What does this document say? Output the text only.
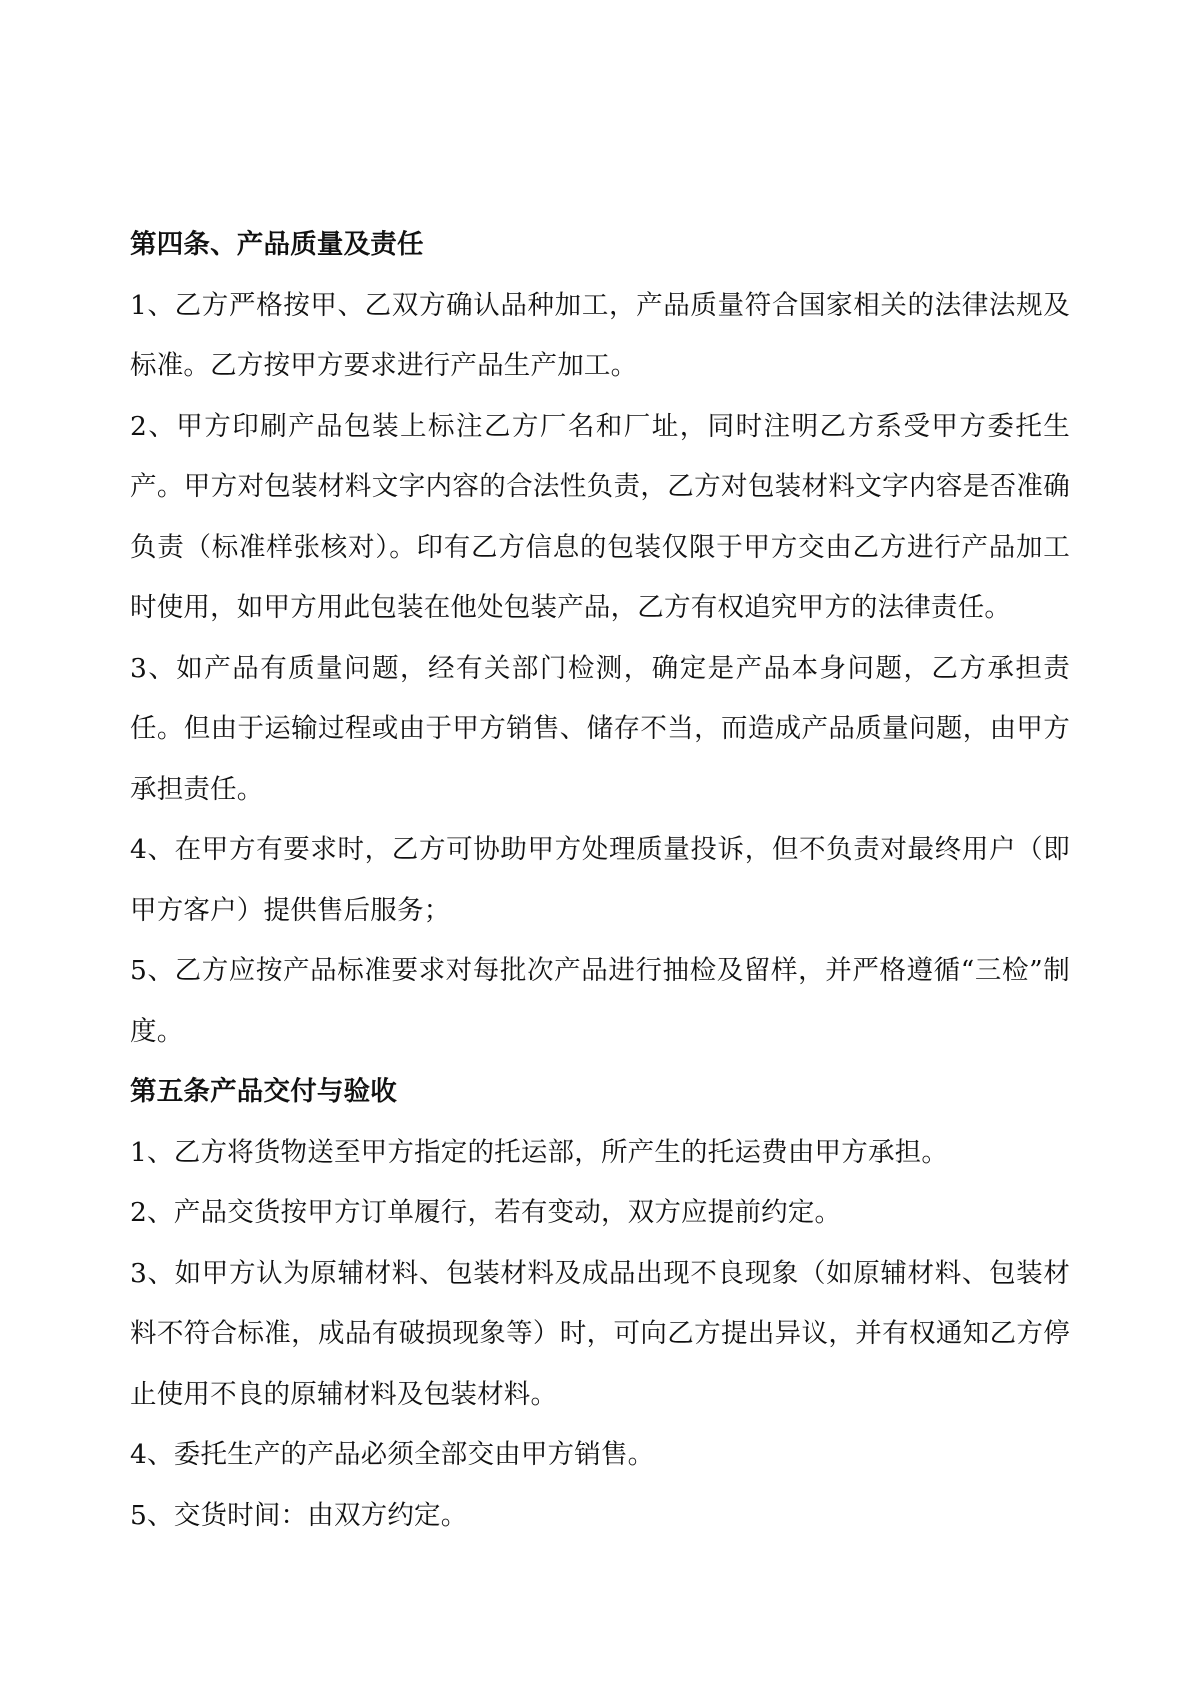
第四条、产品质量及责任
1、乙方严格按甲、乙双方确认品种加工，产品质量符合国家相关的法律法规及标准。乙方按甲方要求进行产品生产加工。
2、甲方印刷产品包装上标注乙方厂名和厂址，同时注明乙方系受甲方委托生产。甲方对包装材料文字内容的合法性负责，乙方对包装材料文字内容是否准确负责（标准样张核对）。印有乙方信息的包装仅限于甲方交由乙方进行产品加工时使用，如甲方用此包装在他处包装产品，乙方有权追究甲方的法律责任。
3、如产品有质量问题，经有关部门检测，确定是产品本身问题，乙方承担责任。但由于运输过程或由于甲方销售、储存不当，而造成产品质量问题，由甲方承担责任。
4、在甲方有要求时，乙方可协助甲方处理质量投诉，但不负责对最终用户（即甲方客户）提供售后服务；
5、乙方应按产品标准要求对每批次产品进行抽检及留样，并严格遵循“三检”制度。
第五条产品交付与验收
1、乙方将货物送至甲方指定的托运部，所产生的托运费由甲方承担。
2、产品交货按甲方订单履行，若有变动，双方应提前约定。
3、如甲方认为原辅材料、包装材料及成品出现不良现象（如原辅材料、包装材料不符合标准，成品有破损现象等）时，可向乙方提出异议，并有权通知乙方停止使用不良的原辅材料及包装材料。
4、委托生产的产品必须全部交由甲方销售。
5、交货时间：由双方约定。
